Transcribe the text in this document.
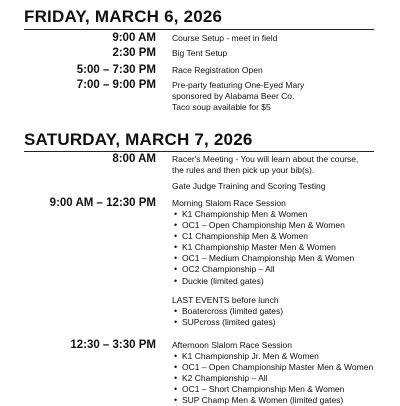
FRIDAY, MARCH 6, 2026
9:00 AM Course Setup - meet in field
2:30 PM Big Tent Setup
5:00 – 7:30 PM Race Registration Open
7:00 – 9:00 PM Pre-party featuring One-Eyed Mary
sponsored by Alabama Beer Co.
Taco soup available for $5
SATURDAY, MARCH 7, 2026
8:00 AM Racer's Meeting - You will learn about the course,
the rules and then pick up your bib(s).
Gate Judge Training and Scoring Testing
9:00 AM – 12:30 PM Morning Slalom Race Session
• K1 Championship Men & Women
• OC1 – Open Championship Men & Women
• C1 Championship Men & Women
• K1 Championship Master Men & Women
• OC1 – Medium Championship Men & Women
• OC2 Championship – All
• Duckie (limited gates)
LAST EVENTS before lunch
• Boatercross (limited gates)
• SUPcross (limited gates)
12:30 – 3:30 PM Afternoon Slalom Race Session
• K1 Championship Jr. Men & Women
• OC1 – Open Championship Master Men & Women
• K2 Championship – All
• OC1 – Short Championship Men & Women
• SUP Champ Men & Women (limited gates)
